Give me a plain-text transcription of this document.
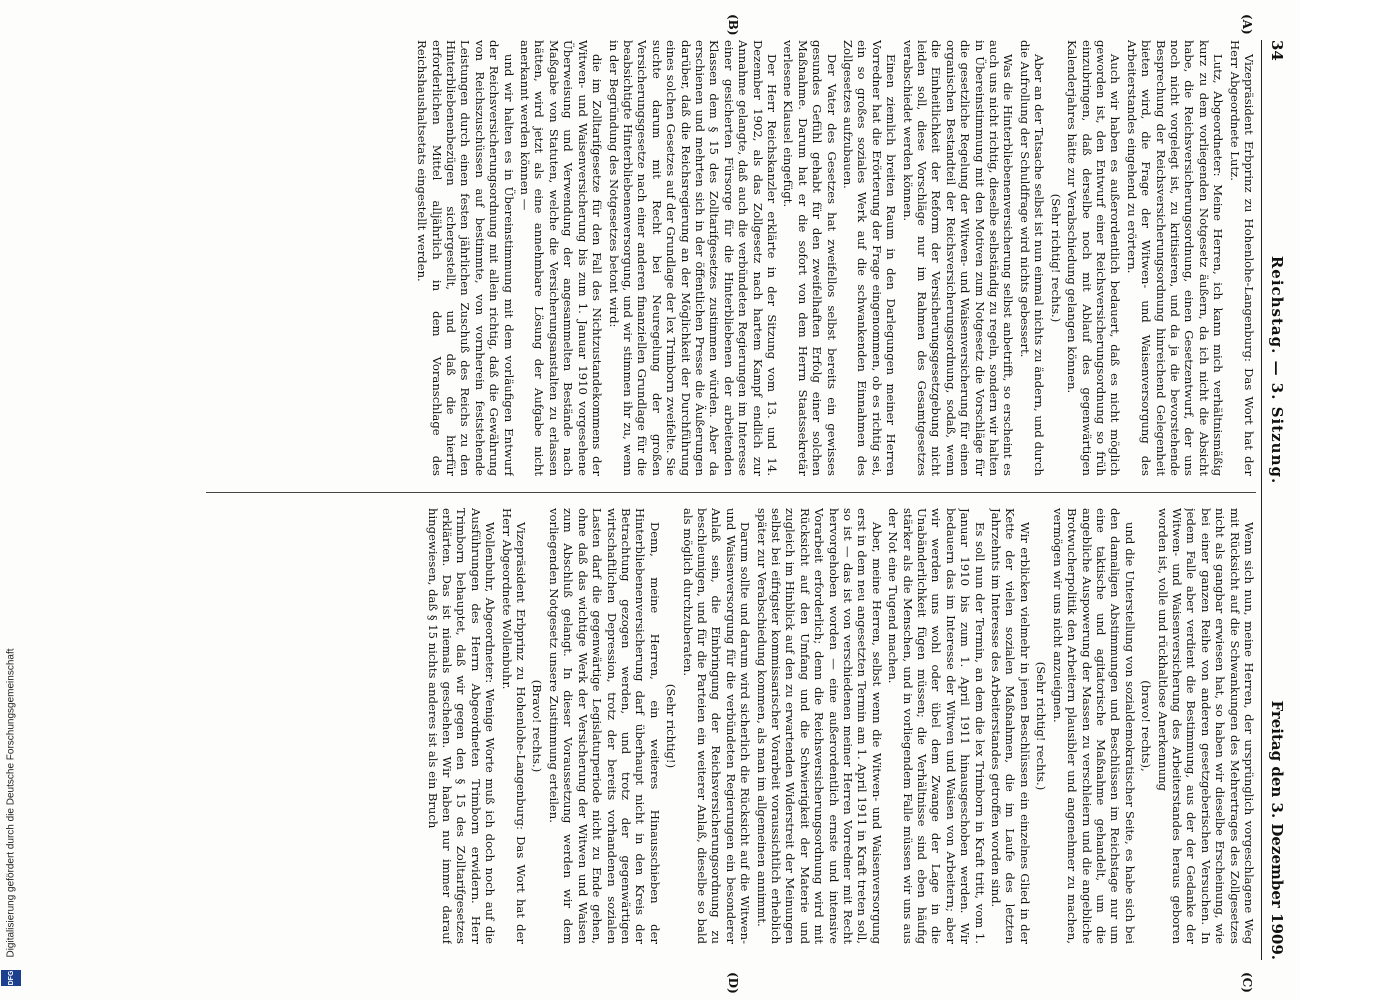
34
Reichstag. — 3. Sitzung.
Freitag den 3. Dezember 1909.
(A)
(B)
(C)
(D)

Vizepräsident Erbprinz zu Hohenlohe-Langenburg: Das Wort hat der Herr Abgeordnete Lutz.

Lutz, Abgeordneter: Meine Herren, ich kann mich verhältnismäßig kurz zu dem vorliegenden Notgesetz äußern, da ich nicht die Absicht habe, die Reichsversicherungsordnung, einen Gesetzentwurf, der uns noch nicht vorgelegt ist, zu kritisieren, und da ja die bevorstehende Besprechung der Reichsversicherungsordnung hinreichend Gelegenheit bieten wird, die Frage der Witwen- und Waisenversorgung des Arbeiterstandes eingehend zu erörtern.

Auch wir haben es außerordentlich bedauert, daß es nicht möglich geworden ist, den Entwurf einer Reichsversicherungsordnung so früh einzubringen, daß derselbe noch mit Ablauf des gegenwärtigen Kalenderjahres hätte zur Verabschiedung gelangen können.

(Sehr richtig! rechts.)

Aber an der Tatsache selbst ist nun einmal nichts zu ändern, und durch die Aufrollung der Schuldfrage wird nichts gebessert.

Was die Hinterbliebenenversicherung selbst anbetrifft, so erscheint es auch uns nicht richtig, dieselbe selbständig zu regeln, sondern wir halten in Übereinstimmung mit den Motiven zum Notgesetz die Vorschläge für die gesetzliche Regelung der Witwen- und Waisenversicherung für einen organischen Bestandteil der Reichsversicherungsordnung, sodaß, wenn die Einheitlichkeit der Reform der Versicherungsgesetzgebung nicht leiden soll, diese Vorschläge nur im Rahmen des Gesamtgesetzes verabschiedet werden können.

Einen ziemlich breiten Raum in den Darlegungen meiner Herren Vorredner hat die Erörterung der Frage eingenommen, ob es richtig sei, ein so großes soziales Werk auf die schwankenden Einnahmen des Zollgesetzes aufzubauen.

Der Vater des Gesetzes hat zweifellos selbst bereits ein gewisses gesundes Gefühl gehabt für den zweifelhaften Erfolg einer solchen Maßnahme. Darum hat er die sofort von dem Herrn Staatssekretär verlesene Klausel eingefügt.

Der Herr Reichskanzler erklärte in der Sitzung vom 13. und 14. Dezember 1902, als das Zollgesetz nach hartem Kampf endlich zur Annahme gelangte, daß auch die verbündeten Regierungen im Interesse einer gesicherten Fürsorge für die Hinterbliebenen der arbeitenden Klassen dem § 15 des Zolltarifgesetzes zustimmen würden. Aber da erschienen und mehrten sich in der öffentlichen Presse die Äußerungen darüber, daß die Reichsregierung an der Möglichkeit der Durchführung eines solchen Gesetzes auf der Grundlage der lex Trimborn zweifelte. Sie suchte darum mit Recht bei Neuregelung der großen Versicherungsgesetze nach einer anderen finanziellen Grundlage für die beabsichtigte Hinterbliebenenversorgung, und wir stimmen ihr zu, wenn in der Begründung des Notgesetzes betont wird:

die im Zolltarifgesetze für den Fall des Nichtzustandekommens der Witwen- und Waisenversicherung bis zum 1. Januar 1910 vorgesehene Überweisung und Verwendung der angesammelten Bestände nach Maßgabe von Statuten, welche die Versicherungsanstalten zu erlassen hätten, wird jetzt als eine annehmbare Lösung der Aufgabe nicht anerkannt werden können —

und wir halten es in Übereinstimmung mit dem vorläufigen Entwurf der Reichsversicherungsordnung mit allein richtig, daß die Gewährung von Reichszuschüssen auf bestimmte, von vornherein feststehende Leistungen durch einen festen jährlichen Zuschuß des Reichs zu den Hinterbliebenenbezügen sichergestellt, und daß die hierfür erforderlichen Mittel alljährlich in dem Voranschlage des Reichshaushaltsetats eingestellt werden.

Wenn sich nun, meine Herren, der ursprünglich vorgeschlagene Weg mit Rücksicht auf die Schwankungen des Mehrertrages des Zollgesetzes nicht als gangbar erwiesen hat, so haben wir dieselbe Erscheinung, wie bei einer ganzen Reihe von anderen gesetzgeberischen Versuchen. In jedem Falle aber verdient die Bestimmung, aus der der Gedanke der Witwen- und Waisenversicherung des Arbeiterstandes heraus geboren worden ist, volle und rückhaltlose Anerkennung

(bravo! rechts),

und die Unterstellung von sozialdemokratischer Seite, es habe sich bei den damaligen Abstimmungen und Beschlüssen im Reichstage nur um eine taktische und agitatorische Maßnahme gehandelt, um die angebliche Auspowerung der Massen zu verschleiern und die angebliche Brotwucherpolitik den Arbeitern plausibler und angenehmer zu machen, vermögen wir uns nicht anzueignen.

(Sehr richtig! rechts.)

Wir erblicken vielmehr in jenen Beschlüssen ein einzelnes Glied in der Kette der vielen sozialen Maßnahmen, die im Laufe des letzten Jahrzehnts im Interesse des Arbeiterstandes getroffen worden sind.

Es soll nun der Termin, an dem die lex Trimborn in Kraft tritt, vom 1. Januar 1910 bis zum 1. April 1911 hinausgeschoben werden. Wir bedauern das im Interesse der Witwen und Waisen von Arbeitern; aber wir werden uns wohl oder übel dem Zwange der Lage in die Unabänderlichkeit fügen müssen; die Verhältnisse sind eben häufig stärker als die Menschen, und in vorliegendem Falle müssen wir uns aus der Not eine Tugend machen.

Aber, meine Herren, selbst wenn die Witwen- und Waisenversorgung erst in dem neu angesetzten Termin am 1. April 1911 in Kraft treten soll, so ist — das ist von verschiedenen meiner Herren Vorredner mit Recht hervorgehoben worden — eine außerordentlich ernste und intensive Vorarbeit erforderlich; denn die Reichsversicherungsordnung wird mit Rücksicht auf den Umfang und die Schwierigkeit der Materie und zugleich im Hinblick auf den zu erwartenden Widerstreit der Meinungen selbst bei eifrigster kommissarischer Vorarbeit voraussichtlich erheblich später zur Verabschiedung kommen, als man im allgemeinen annimmt.

Darum sollte und darum wird sicherlich die Rücksicht auf die Witwen- und Waisenversorgung für die verbündeten Regierungen ein besonderer Anlaß sein, die Einbringung der Reichsversicherungsordnung zu beschleunigen, und für die Parteien ein weiterer Anlaß, dieselbe so bald als möglich durchzuberaten.

(Sehr richtig!)

Denn, meine Herren, ein weiteres Hinausschieben der Hinterbliebenenversicherung darf überhaupt nicht in den Kreis der Betrachtung gezogen werden, und trotz der gegenwärtigen wirtschaftlichen Depression, trotz der bereits vorhandenen sozialen Lasten darf die gegenwärtige Legislaturperiode nicht zu Ende gehen, ohne daß das wichtige Werk der Versicherung der Witwen und Waisen zum Abschluß gelangt. In dieser Voraussetzung werden wir dem vorliegenden Notgesetz unsere Zustimmung erteilen.

(Bravo! rechts.)

Vizepräsident Erbprinz zu Hohenlohe-Langenburg: Das Wort hat der Herr Abgeordnete Wollenbuhr.

Wollenbuhr, Abgeordneter: Wenige Worte muß ich doch noch auf die Ausführungen des Herrn Abgeordneten Trimborn erwidern. Herr Trimborn behauptet, daß wir gegen den § 15 des Zolltarifgesetzes erklärten. Das ist niemals geschehen. Wir haben nur immer darauf hingewiesen, daß § 15 nichts anderes ist als ein Bruch

Digitalisierung gefördert durch die Deutsche Forschungsgemeinschaft
DFG
